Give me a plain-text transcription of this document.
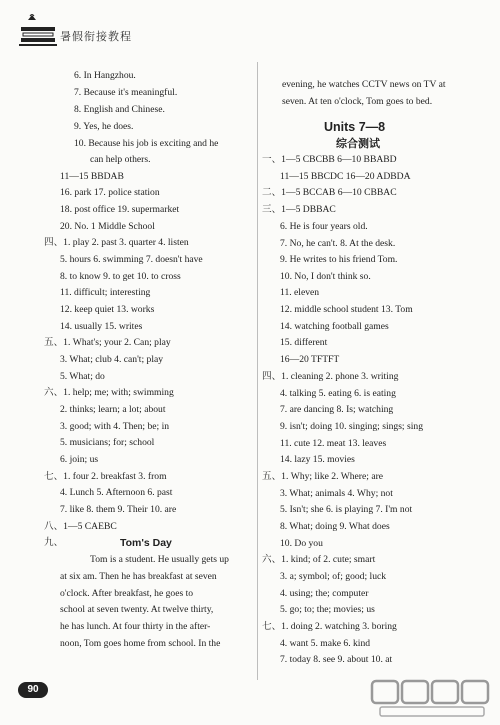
暑假衔接教程
6. In Hangzhou.
7. Because it's meaningful.
8. English and Chinese.
9. Yes, he does.
10. Because his job is exciting and he
can help others.
11—15 BBDAB
16. park 17. police station
18. post office 19. supermarket
20. No. 1 Middle School
四、1. play 2. past 3. quarter 4. listen
5. hours 6. swimming 7. doesn't have
8. to know 9. to get 10. to cross
11. difficult; interesting
12. keep quiet 13. works
14. usually 15. writes
五、1. What's; your 2. Can; play
3. What; club 4. can't; play
5. What; do
六、1. help; me; with; swimming
2. thinks; learn; a lot; about
3. good; with 4. Then; be; in
5. musicians; for; school
6. join; us
七、1. four 2. breakfast 3. from
4. Lunch 5. Afternoon 6. past
7. like 8. them 9. Their 10. are
八、1—5 CAEBC
九、	Tom's Day
Tom is a student. He usually gets up
at six am. Then he has breakfast at seven
o'clock. After breakfast, he goes to
school at seven twenty. At twelve thirty,
he has lunch. At four thirty in the after-
noon, Tom goes home from school. In the
evening, he watches CCTV news on TV at
seven. At ten o'clock, Tom goes to bed.
Units 7—8
综合测试
一、1—5 CBCBB 6—10 BBABD
11—15 BBCDC 16—20 ADBDA
二、1—5 BCCAB 6—10 CBBAC
三、1—5 DBBAC
6. He is four years old.
7. No, he can't. 8. At the desk.
9. He writes to his friend Tom.
10. No, I don't think so.
11. eleven
12. middle school student 13. Tom
14. watching football games
15. different
16—20 TFTFT
四、1. cleaning 2. phone 3. writing
4. talking 5. eating 6. is eating
7. are dancing 8. Is; watching
9. isn't; doing 10. singing; sings; sing
11. cute 12. meat 13. leaves
14. lazy 15. movies
五、1. Why; like 2. Where; are
3. What; animals 4. Why; not
5. Isn't; she 6. is playing 7. I'm not
8. What; doing 9. What does
10. Do you
六、1. kind; of 2. cute; smart
3. a; symbol; of; good; luck
4. using; the; computer
5. go; to; the; movies; us
七、1. doing 2. watching 3. boring
4. want 5. make 6. kind
7. today 8. see 9. about 10. at
90
